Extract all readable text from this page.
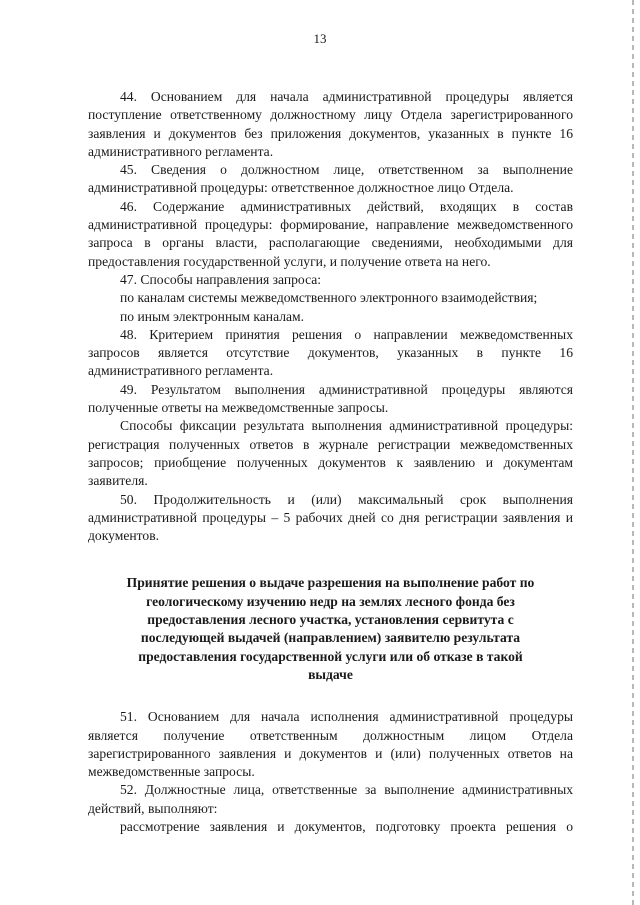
13

44. Основанием для начала административной процедуры является поступление ответственному должностному лицу Отдела зарегистрированного заявления и документов без приложения документов, указанных в пункте 16 административного регламента.

45. Сведения о должностном лице, ответственном за выполнение административной процедуры: ответственное должностное лицо Отдела.

46. Содержание административных действий, входящих в состав административной процедуры: формирование, направление межведомственного запроса в органы власти, располагающие сведениями, необходимыми для предоставления государственной услуги, и получение ответа на него.

47. Способы направления запроса:

по каналам системы межведомственного электронного взаимодействия;

по иным электронным каналам.

48. Критерием принятия решения о направлении межведомственных запросов является отсутствие документов, указанных в пункте 16 административного регламента.

49. Результатом выполнения административной процедуры являются полученные ответы на межведомственные запросы.

Способы фиксации результата выполнения административной процедуры: регистрация полученных ответов в журнале регистрации межведомственных запросов; приобщение полученных документов к заявлению и документам заявителя.

50. Продолжительность и (или) максимальный срок выполнения административной процедуры – 5 рабочих дней со дня регистрации заявления и документов.

Принятие решения о выдаче разрешения на выполнение работ по геологическому изучению недр на землях лесного фонда без предоставления лесного участка, установления сервитута с последующей выдачей (направлением) заявителю результата предоставления государственной услуги или об отказе в такой выдаче

51. Основанием для начала исполнения административной процедуры является получение ответственным должностным лицом Отдела зарегистрированного заявления и документов и (или) полученных ответов на межведомственные запросы.

52. Должностные лица, ответственные за выполнение административных действий, выполняют:

рассмотрение заявления и документов, подготовку проекта решения о
